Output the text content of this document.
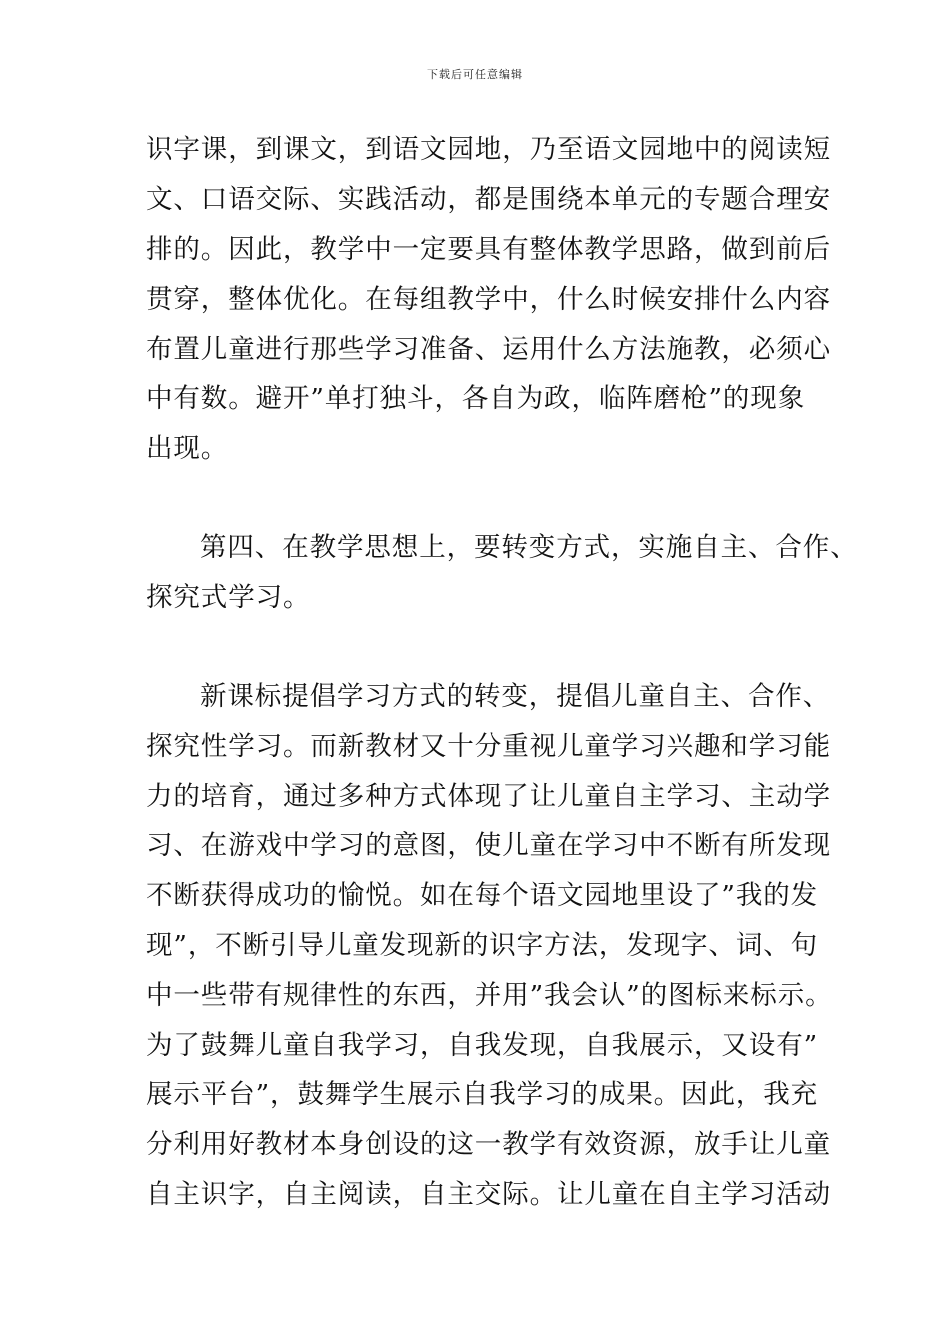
下载后可任意编辑
识字课，到课文，到语文园地，乃至语文园地中的阅读短
文、口语交际、实践活动，都是围绕本单元的专题合理安
排的。因此，教学中一定要具有整体教学思路，做到前后
贯穿，整体优化。在每组教学中，什么时候安排什么内容
布置儿童进行那些学习准备、运用什么方法施教，必须心
中有数。避开”单打独斗，各自为政，临阵磨枪”的现象
出现。
第四、在教学思想上，要转变方式，实施自主、合作、
探究式学习。
新课标提倡学习方式的转变，提倡儿童自主、合作、
探究性学习。而新教材又十分重视儿童学习兴趣和学习能
力的培育，通过多种方式体现了让儿童自主学习、主动学
习、在游戏中学习的意图，使儿童在学习中不断有所发现
不断获得成功的愉悦。如在每个语文园地里设了”我的发
现”，不断引导儿童发现新的识字方法，发现字、词、句
中一些带有规律性的东西，并用”我会认”的图标来标示。
为了鼓舞儿童自我学习，自我发现，自我展示，又设有”
展示平台”，鼓舞学生展示自我学习的成果。因此，我充
分利用好教材本身创设的这一教学有效资源，放手让儿童
自主识字，自主阅读，自主交际。让儿童在自主学习活动
